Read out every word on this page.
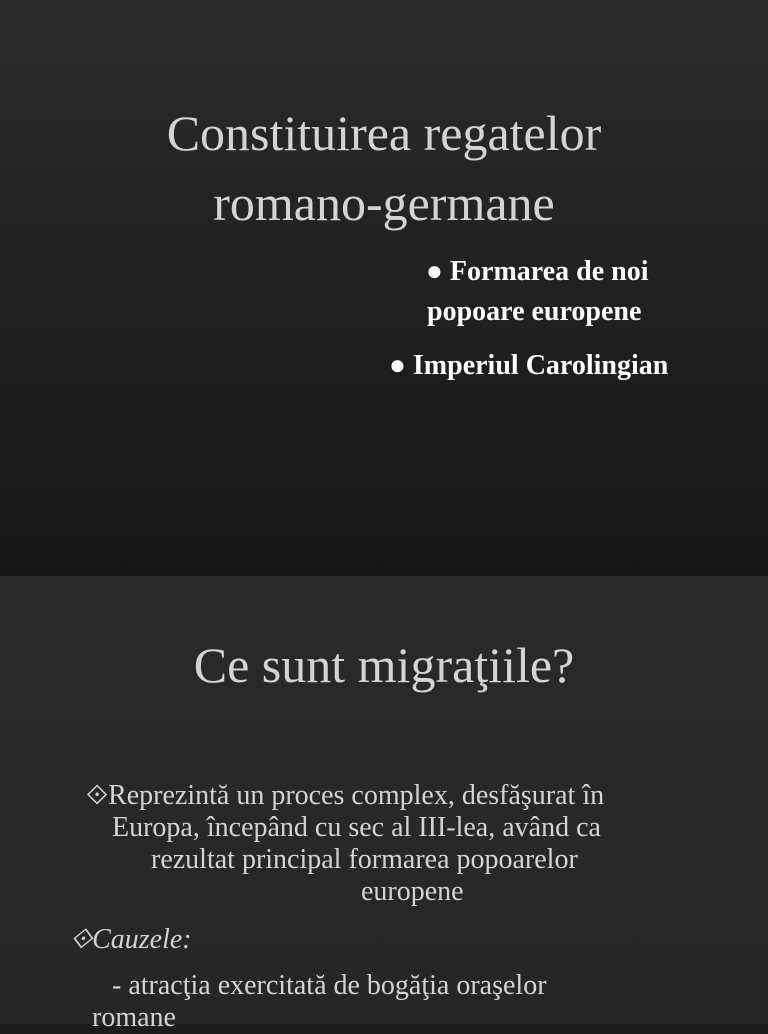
Constituirea regatelor
romano-germane
● Formarea de noi
popoare europene
● Imperiul Carolingian
Ce sunt migraţiile?
⟐Reprezintă un proces complex, desfăşurat în
Europa, începând cu sec al III-lea, având ca
rezultat principal formarea popoarelor
europene
⟐Cauzele:
- atracţia exercitată de bogăţia oraşelor
romane
